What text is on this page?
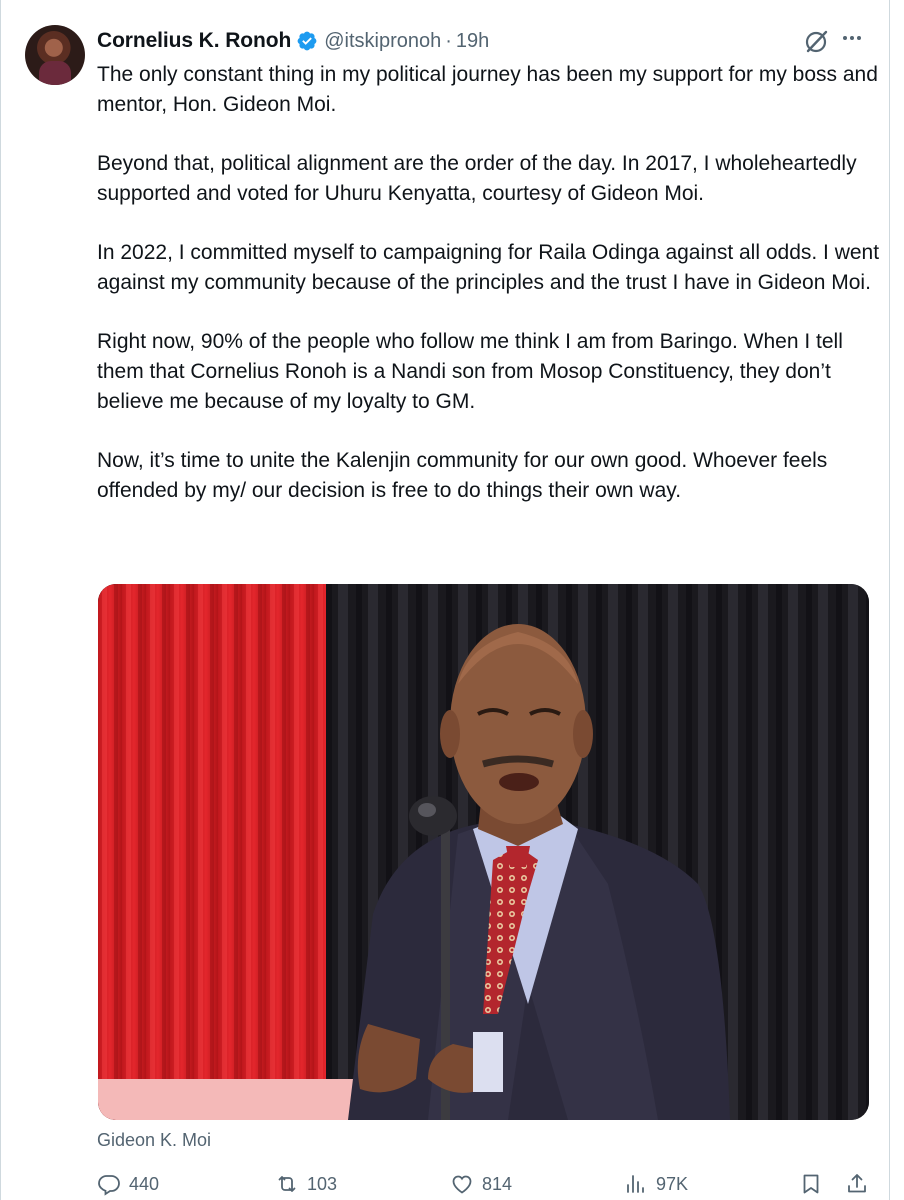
Cornelius K. Ronoh @itskipronoh · 19h
The only constant thing in my political journey has been my support for my boss and mentor, Hon. Gideon Moi.

Beyond that, political alignment are the order of the day. In 2017, I wholeheartedly supported and voted for Uhuru Kenyatta, courtesy of Gideon Moi.

In 2022, I committed myself to campaigning for Raila Odinga against all odds. I went against my community because of the principles and the trust I have in Gideon Moi.

Right now, 90% of the people who follow me think I am from Baringo. When I tell them that Cornelius Ronoh is a Nandi son from Mosop Constituency, they don’t believe me because of my loyalty to GM.

Now, it’s time to unite the Kalenjin community for our own good. Whoever feels offended by my/ our decision is free to do things their own way.
Gideon K. Moi
440	103	814	97K
